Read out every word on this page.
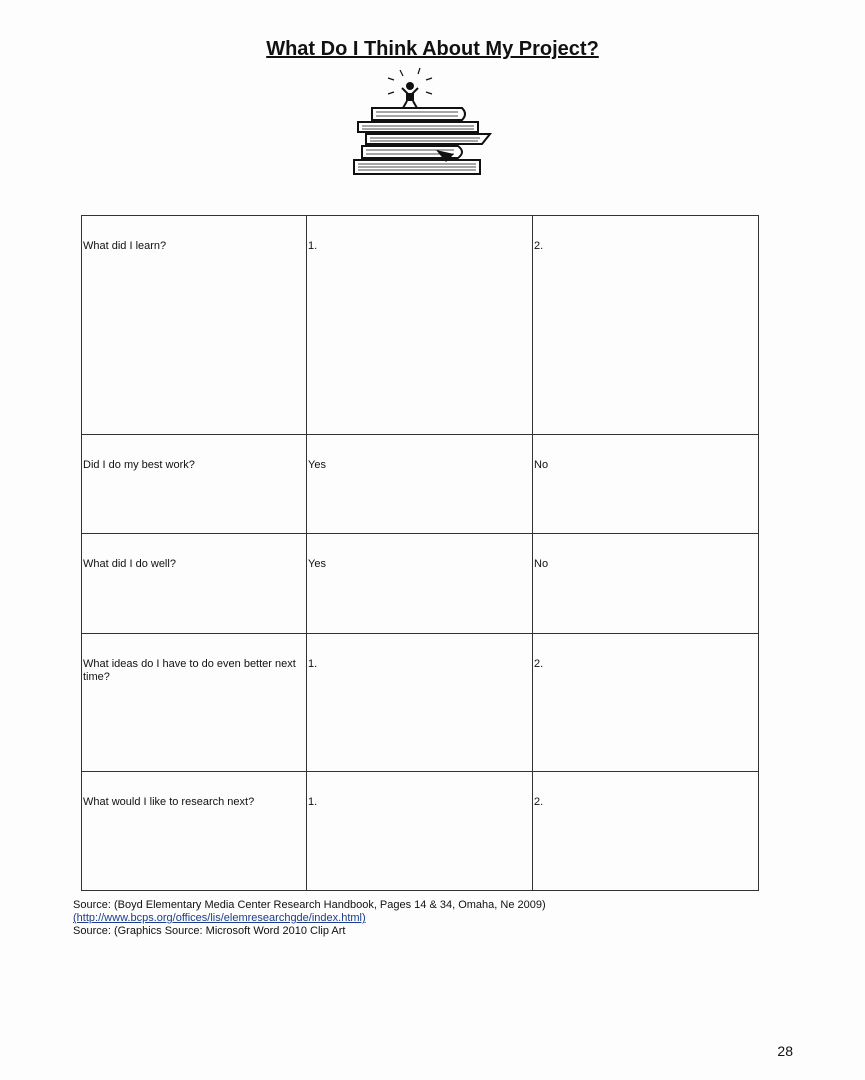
What Do I Think About My Project?
What did I learn?	1.	2.
Did I do my best work?	Yes	No
What did I do well?	Yes	No
What ideas do I have to do even better next time?	1.	2.
What would I like to research next?	1.	2.
Source: (Boyd Elementary Media Center Research Handbook, Pages 14 & 34, Omaha, Ne 2009)
(http://www.bcps.org/offices/lis/elemresearchgde/index.html)
Source: (Graphics Source: Microsoft Word 2010 Clip Art
28
